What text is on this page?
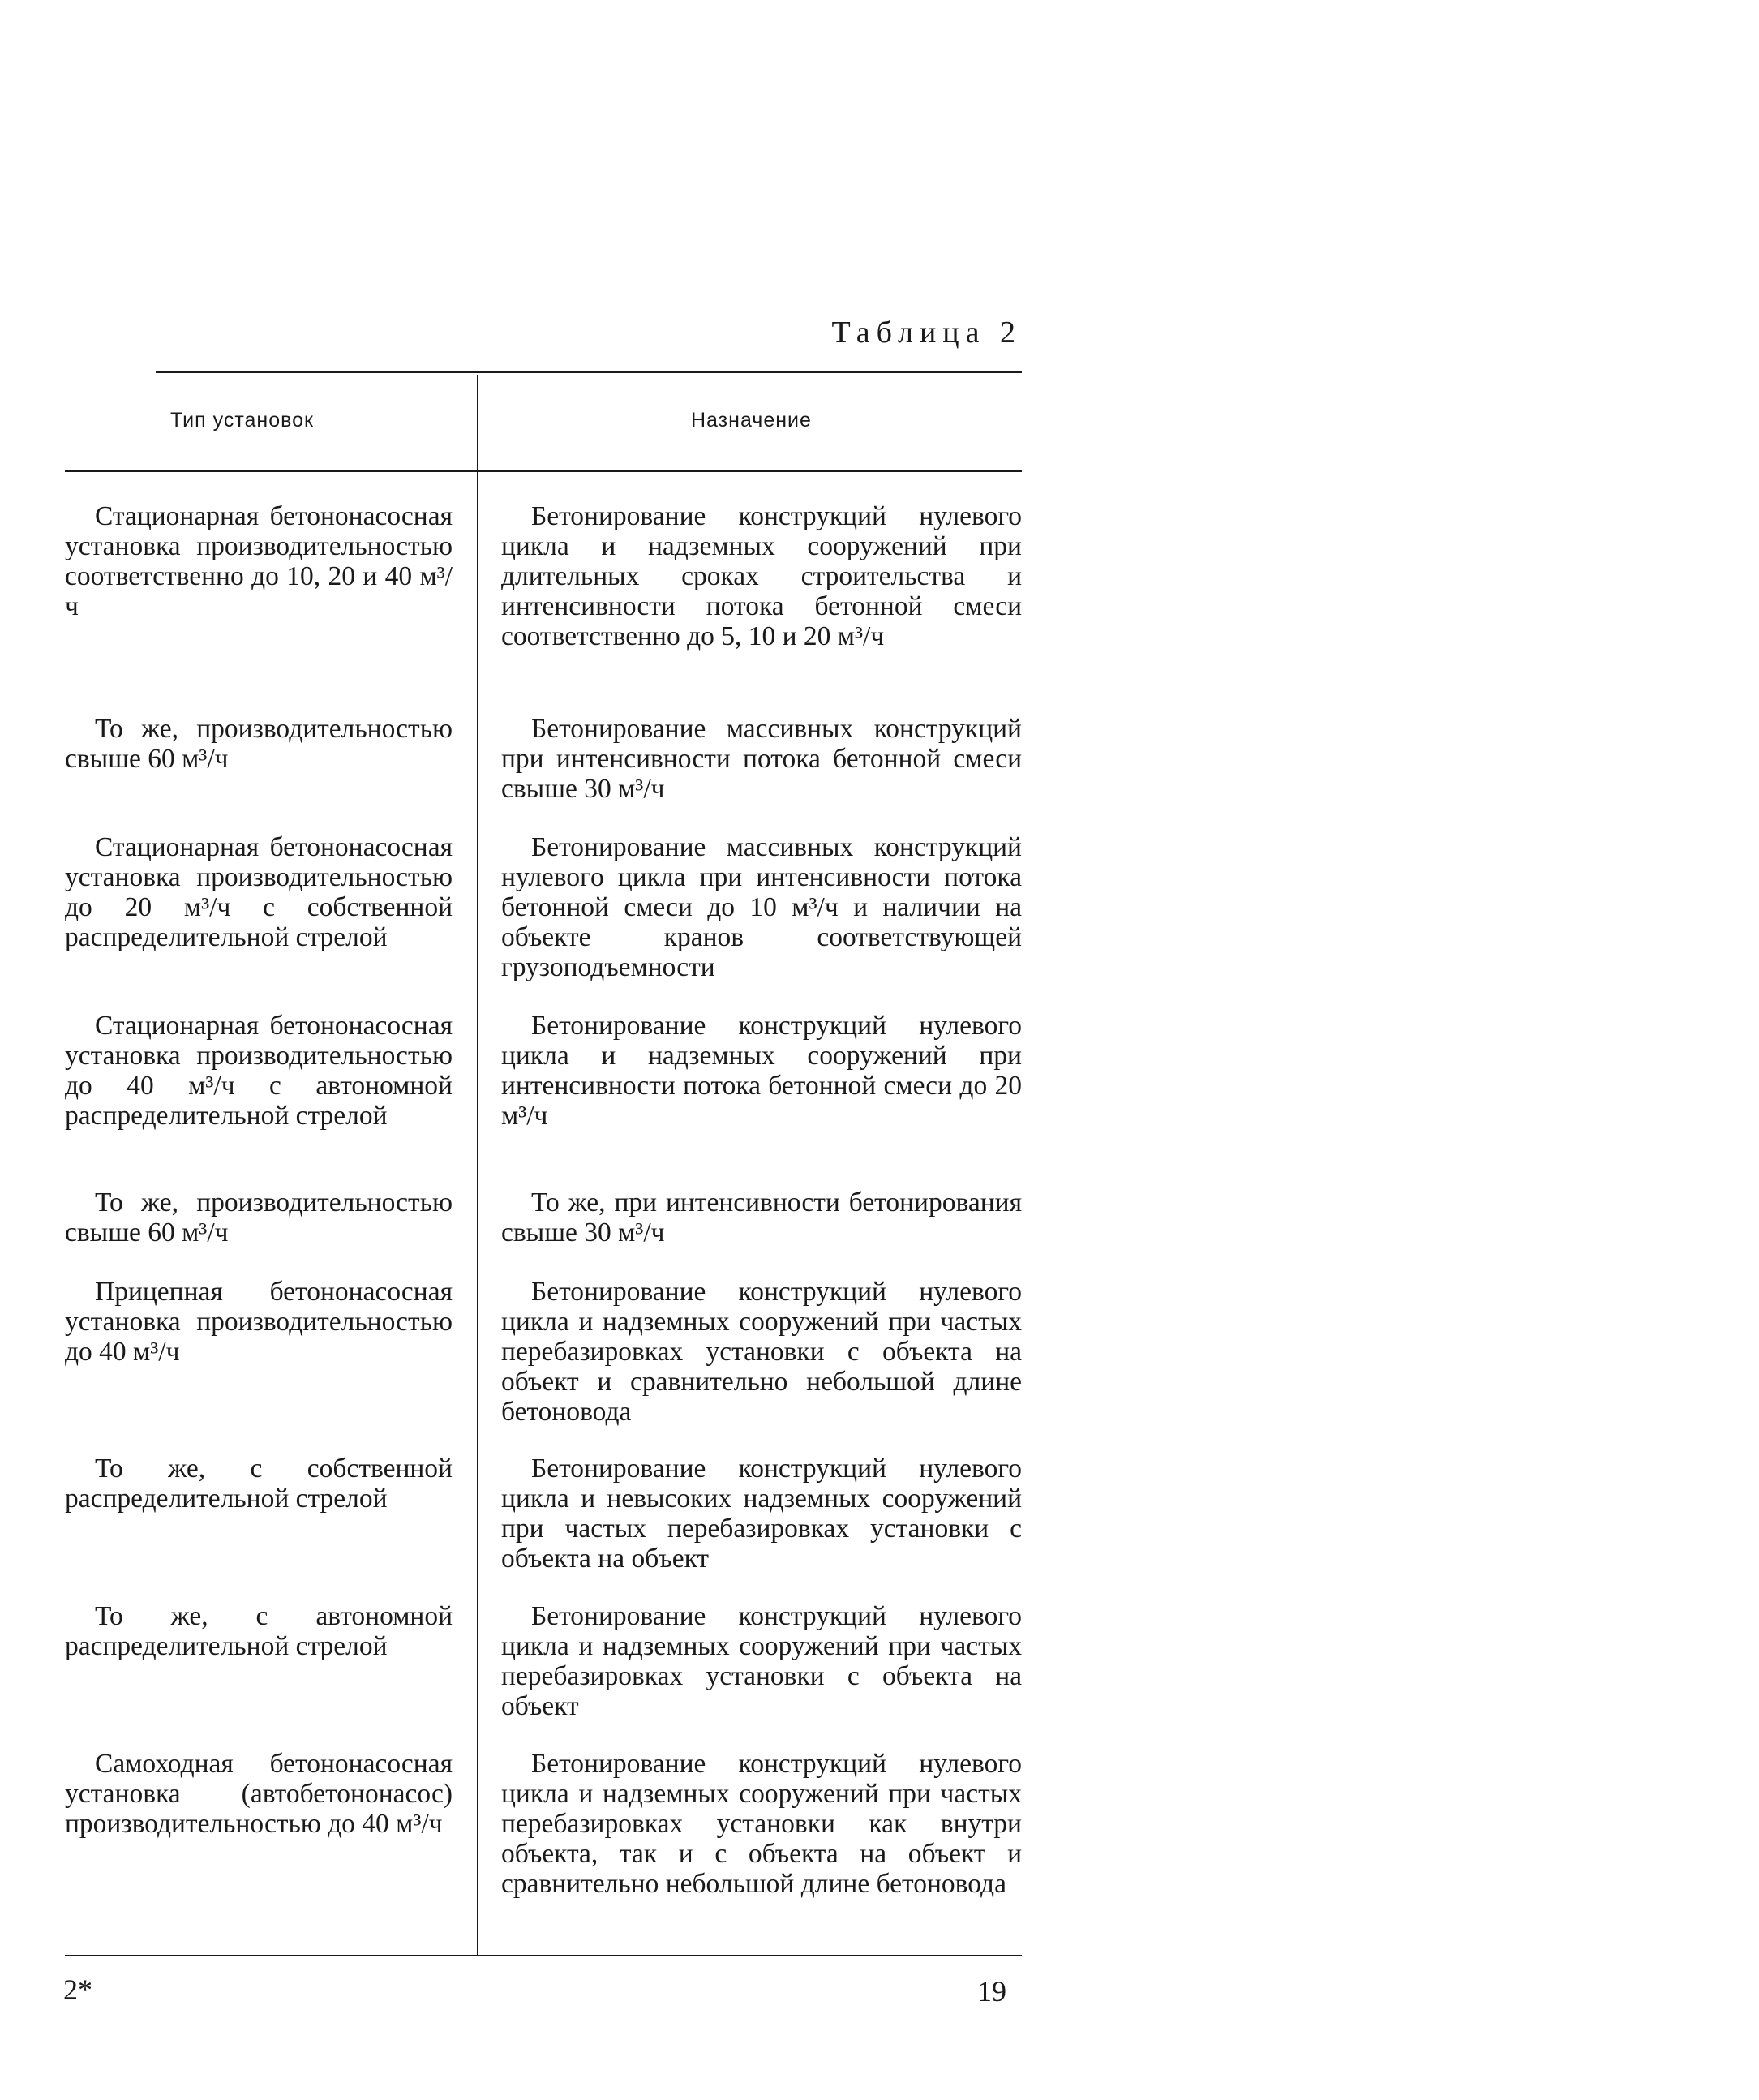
Таблица 2
Тип установок	Назначение
Стационарная бетононасосная установка производительностью соответственно до 10, 20 и 40 м³/ч
Бетонирование конструкций нулевого цикла и надземных сооружений при длительных сроках строительства и интенсивности потока бетонной смеси соответственно до 5, 10 и 20 м³/ч
То же, производительностью свыше 60 м³/ч
Бетонирование массивных конструкций при интенсивности потока бетонной смеси свыше 30 м³/ч
Стационарная бетононасосная установка производительностью до 20 м³/ч с собственной распределительной стрелой
Бетонирование массивных конструкций нулевого цикла при интенсивности потока бетонной смеси до 10 м³/ч и наличии на объекте кранов соответствующей грузоподъемности
Стационарная бетононасосная установка производительностью до 40 м³/ч с автономной распределительной стрелой
Бетонирование конструкций нулевого цикла и надземных сооружений при интенсивности потока бетонной смеси до 20 м³/ч
То же, производительностью свыше 60 м³/ч
То же, при интенсивности бетонирования свыше 30 м³/ч
Прицепная бетононасосная установка производительностью до 40 м³/ч
Бетонирование конструкций нулевого цикла и надземных сооружений при частых перебазировках установки с объекта на объект и сравнительно небольшой длине бетоновода
То же, с собственной распределительной стрелой
Бетонирование конструкций нулевого цикла и невысоких надземных сооружений при частых перебазировках установки с объекта на объект
То же, с автономной распределительной стрелой
Бетонирование конструкций нулевого цикла и надземных сооружений при частых перебазировках установки с объекта на объект
Самоходная бетононасосная установка (автобетононасос) производительностью до 40 м³/ч
Бетонирование конструкций нулевого цикла и надземных сооружений при частых перебазировках установки как внутри объекта, так и с объекта на объект и сравнительно небольшой длине бетоновода
2*	19
